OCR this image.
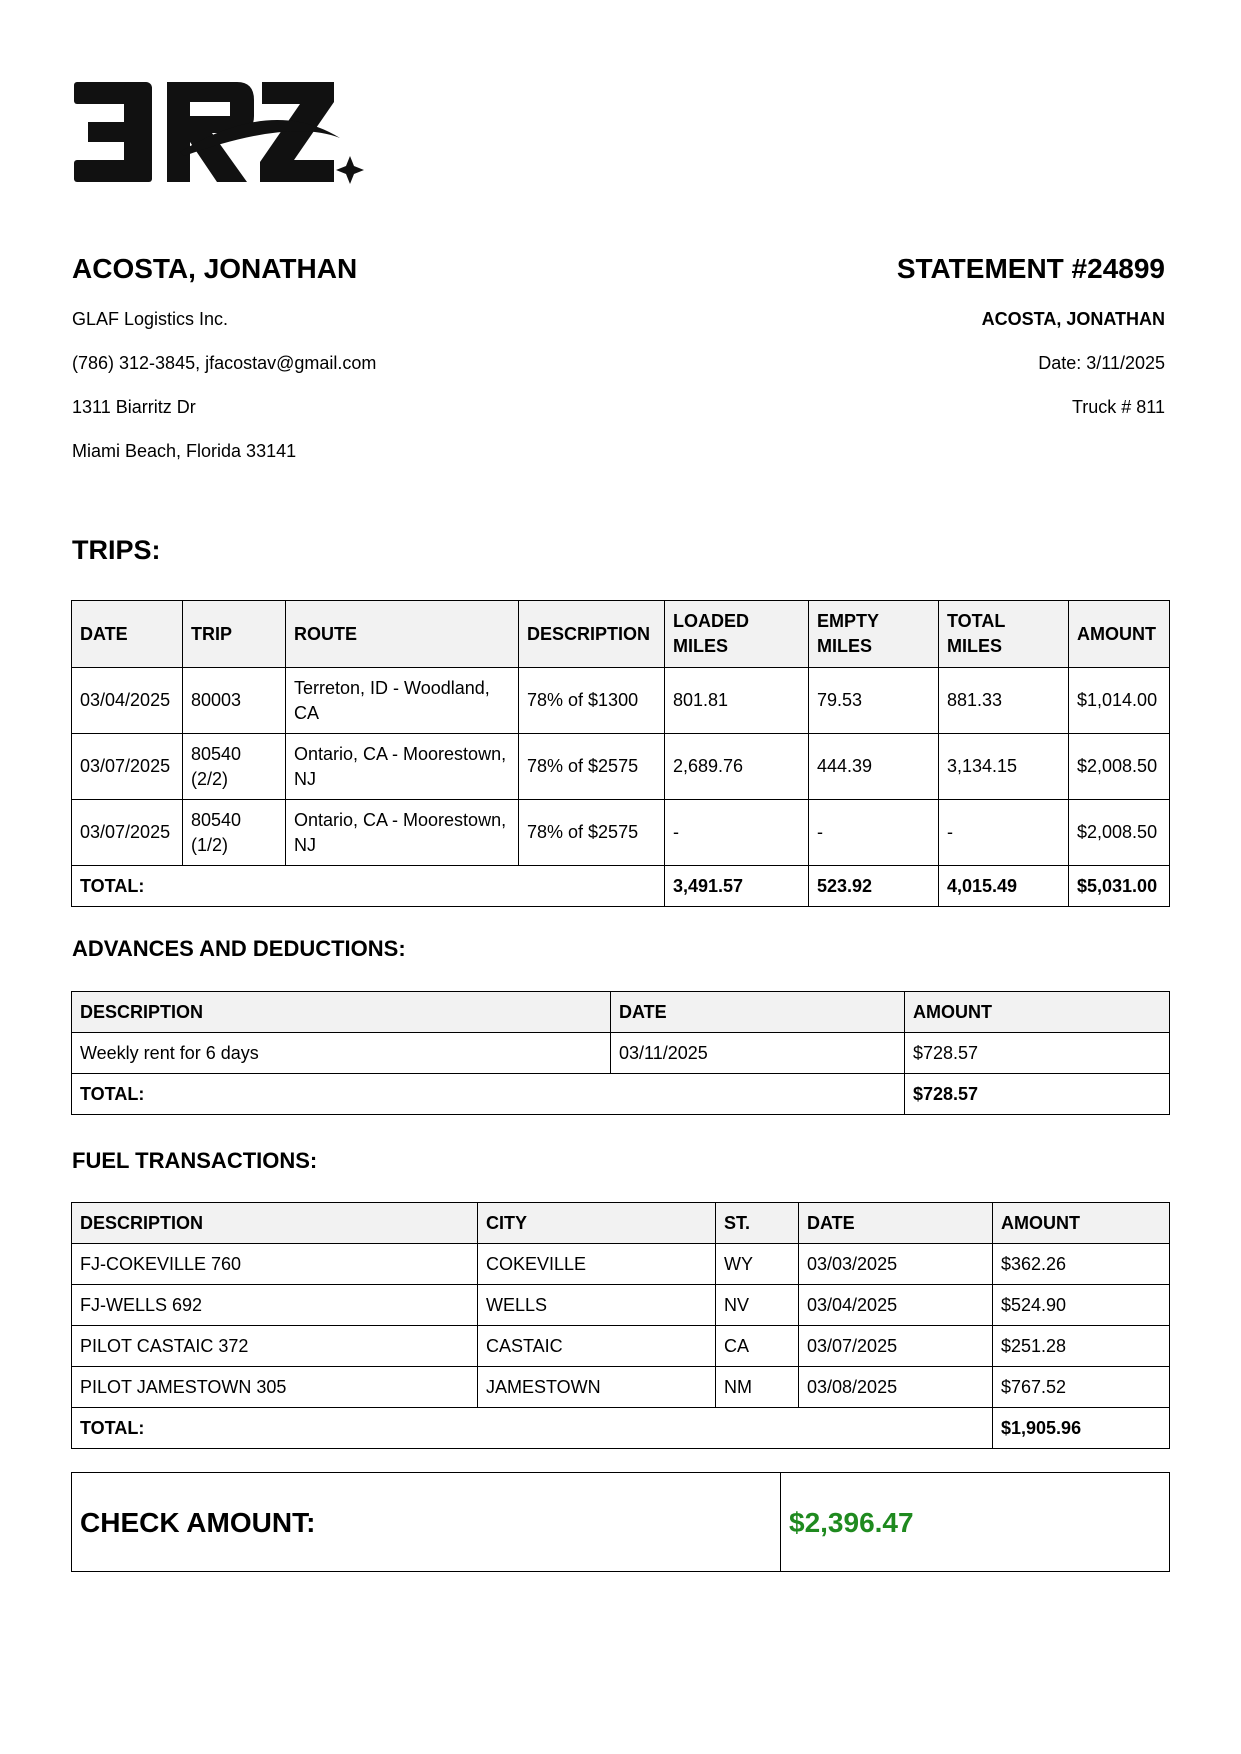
ACOSTA, JONATHAN
GLAF Logistics Inc.
(786) 312-3845, jfacostav@gmail.com
1311 Biarritz Dr
Miami Beach, Florida 33141
STATEMENT #24899
ACOSTA, JONATHAN
Date: 3/11/2025
Truck # 811
TRIPS:
DATE	TRIP	ROUTE	DESCRIPTION	LOADED MILES	EMPTY MILES	TOTAL MILES	AMOUNT
03/04/2025	80003	Terreton, ID - Woodland, CA	78% of $1300	801.81	79.53	881.33	$1,014.00
03/07/2025	80540 (2/2)	Ontario, CA - Moorestown, NJ	78% of $2575	2,689.76	444.39	3,134.15	$2,008.50
03/07/2025	80540 (1/2)	Ontario, CA - Moorestown, NJ	78% of $2575	-	-	-	$2,008.50
TOTAL:				3,491.57	523.92	4,015.49	$5,031.00
ADVANCES AND DEDUCTIONS:
DESCRIPTION	DATE	AMOUNT
Weekly rent for 6 days	03/11/2025	$728.57
TOTAL:		$728.57
FUEL TRANSACTIONS:
DESCRIPTION	CITY	ST.	DATE	AMOUNT
FJ-COKEVILLE 760	COKEVILLE	WY	03/03/2025	$362.26
FJ-WELLS 692	WELLS	NV	03/04/2025	$524.90
PILOT CASTAIC 372	CASTAIC	CA	03/07/2025	$251.28
PILOT JAMESTOWN 305	JAMESTOWN	NM	03/08/2025	$767.52
TOTAL:				$1,905.96
CHECK AMOUNT:	$2,396.47
